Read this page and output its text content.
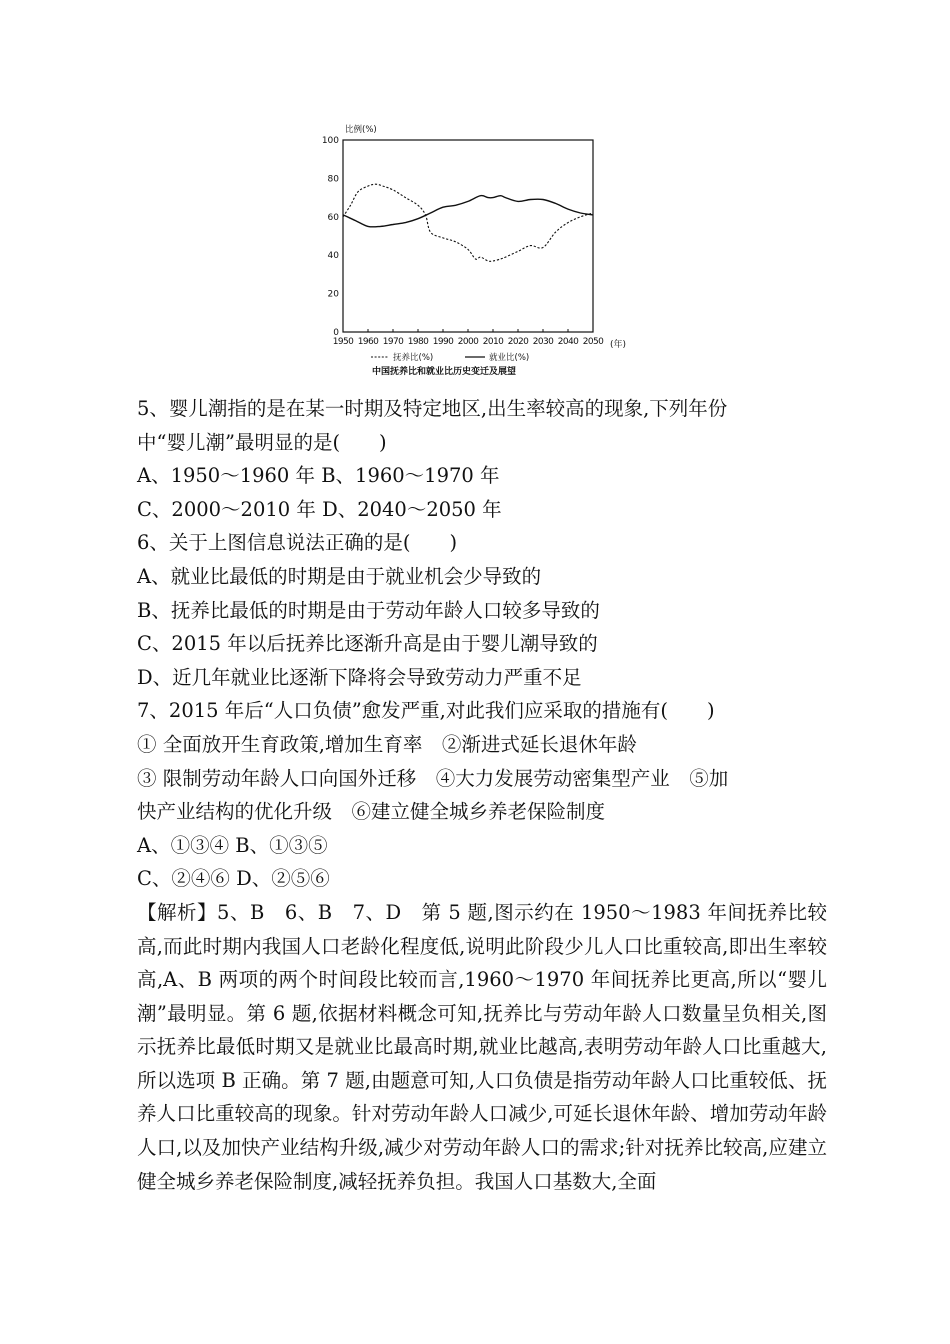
比例(%)
0
20
40
60
80
100
1950 1960 1970 1980 1990 2000 2010 2020 2030 2040 2050 (年)
抚养比(%)	就业比(%)
中国抚养比和就业比历史变迁及展望
5、婴儿潮指的是在某一时期及特定地区,出生率较高的现象,下列年份
中“婴儿潮”最明显的是(　　)
A、1950～1960 年 B、1960～1970 年
C、2000～2010 年 D、2040～2050 年
6、关于上图信息说法正确的是(　　)
A、就业比最低的时期是由于就业机会少导致的
B、抚养比最低的时期是由于劳动年龄人口较多导致的
C、2015 年以后抚养比逐渐升高是由于婴儿潮导致的
D、近几年就业比逐渐下降将会导致劳动力严重不足
7、2015 年后“人口负债”愈发严重,对此我们应采取的措施有(　　)
① 全面放开生育政策,增加生育率　②渐进式延长退休年龄
③ 限制劳动年龄人口向国外迁移　④大力发展劳动密集型产业　⑤加
快产业结构的优化升级　⑥建立健全城乡养老保险制度
A、①③④ B、①③⑤
C、②④⑥ D、②⑤⑥
【解析】5、B　6、B　7、D　第 5 题,图示约在 1950～1983 年间抚养比较高,而此时期内我国人口老龄化程度低,说明此阶段少儿人口比重较高,即出生率较高,A、B 两项的两个时间段比较而言,1960～1970 年间抚养比更高,所以“婴儿潮”最明显。第 6 题,依据材料概念可知,抚养比与劳动年龄人口数量呈负相关,图示抚养比最低时期又是就业比最高时期,就业比越高,表明劳动年龄人口比重越大,所以选项 B 正确。第 7 题,由题意可知,人口负债是指劳动年龄人口比重较低、抚养人口比重较高的现象。针对劳动年龄人口减少,可延长退休年龄、增加劳动年龄人口,以及加快产业结构升级,减少对劳动年龄人口的需求;针对抚养比较高,应建立健全城乡养老保险制度,减轻抚养负担。我国人口基数大,全面
